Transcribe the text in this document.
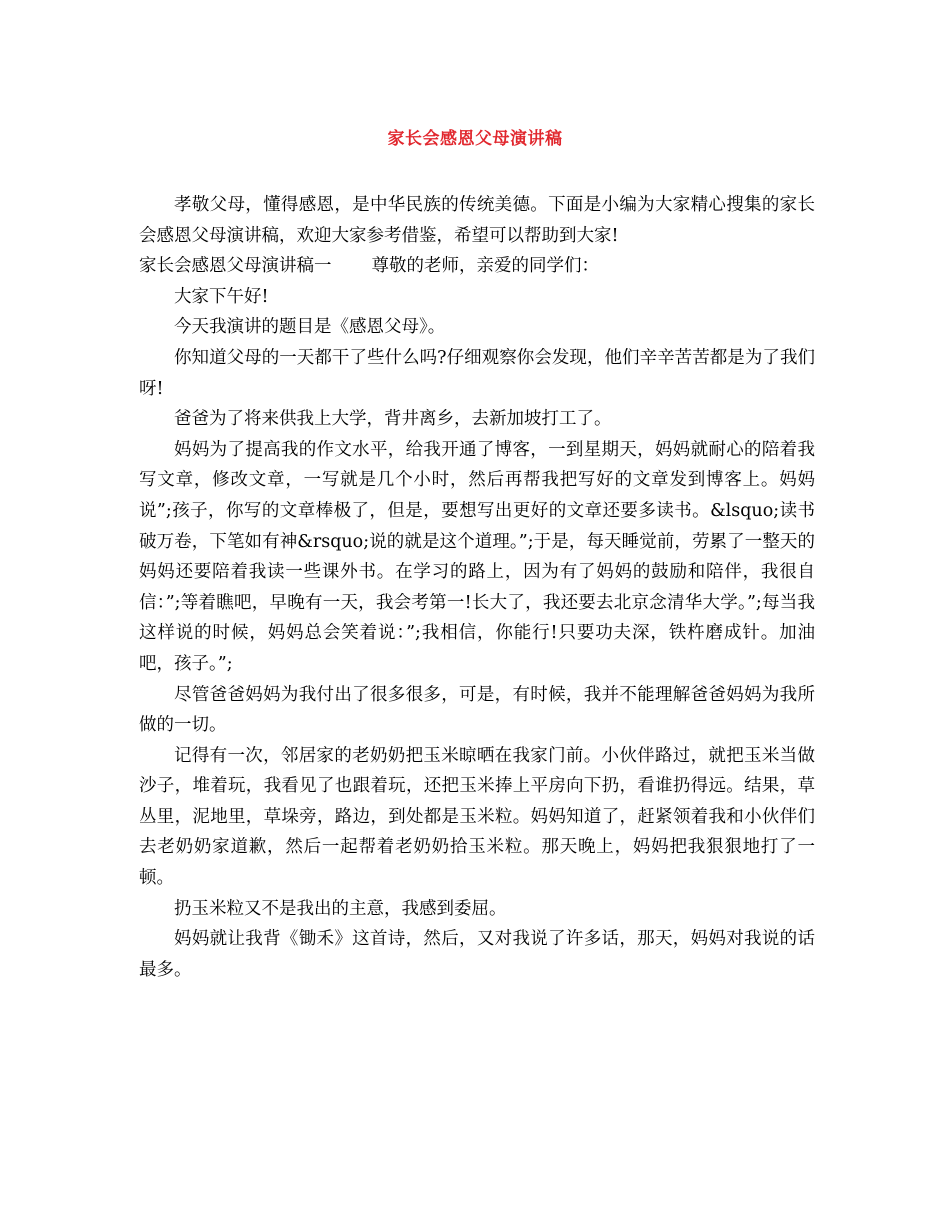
家长会感恩父母演讲稿

孝敬父母，懂得感恩，是中华民族的传统美德。下面是小编为大家精心搜集的家长会感恩父母演讲稿，欢迎大家参考借鉴，希望可以帮助到大家!

家长会感恩父母演讲稿一 尊敬的老师，亲爱的同学们：

大家下午好!

今天我演讲的题目是《感恩父母》。

你知道父母的一天都干了些什么吗?仔细观察你会发现，他们辛辛苦苦都是为了我们呀!

爸爸为了将来供我上大学，背井离乡，去新加坡打工了。

妈妈为了提高我的作文水平，给我开通了博客，一到星期天，妈妈就耐心的陪着我写文章，修改文章，一写就是几个小时，然后再帮我把写好的文章发到博客上。妈妈说”;孩子，你写的文章棒极了，但是，要想写出更好的文章还要多读书。&lsquo;读书破万卷，下笔如有神&rsquo;说的就是这个道理。”;于是，每天睡觉前，劳累了一整天的妈妈还要陪着我读一些课外书。在学习的路上，因为有了妈妈的鼓励和陪伴，我很自信：”;等着瞧吧，早晚有一天，我会考第一!长大了，我还要去北京念清华大学。”;每当我这样说的时候，妈妈总会笑着说：”;我相信，你能行!只要功夫深，铁杵磨成针。加油吧，孩子。”;

尽管爸爸妈妈为我付出了很多很多，可是，有时候，我并不能理解爸爸妈妈为我所做的一切。

记得有一次，邻居家的老奶奶把玉米晾晒在我家门前。小伙伴路过，就把玉米当做沙子，堆着玩，我看见了也跟着玩，还把玉米捧上平房向下扔，看谁扔得远。结果，草丛里，泥地里，草垛旁，路边，到处都是玉米粒。妈妈知道了，赶紧领着我和小伙伴们去老奶奶家道歉，然后一起帮着老奶奶拾玉米粒。那天晚上，妈妈把我狠狠地打了一顿。

扔玉米粒又不是我出的主意，我感到委屈。

妈妈就让我背《锄禾》这首诗，然后，又对我说了许多话，那天，妈妈对我说的话最多。
